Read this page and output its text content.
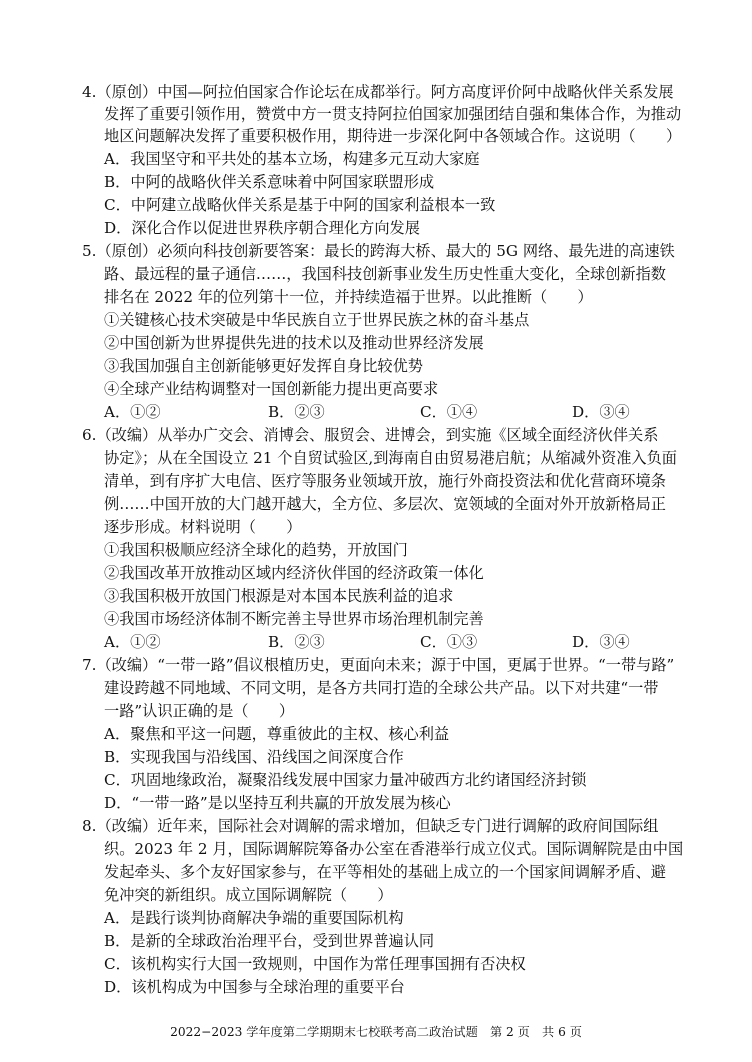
4.（原创）中国—阿拉伯国家合作论坛在成都举行。阿方高度评价阿中战略伙伴关系发展
发挥了重要引领作用，赞赏中方一贯支持阿拉伯国家加强团结自强和集体合作，为推动
地区问题解决发挥了重要积极作用，期待进一步深化阿中各领域合作。这说明（　　）
A．我国坚守和平共处的基本立场，构建多元互动大家庭
B．中阿的战略伙伴关系意味着中阿国家联盟形成
C．中阿建立战略伙伴关系是基于中阿的国家利益根本一致
D．深化合作以促进世界秩序朝合理化方向发展
5.（原创）必须向科技创新要答案：最长的跨海大桥、最大的 5G 网络、最先进的高速铁
路、最远程的量子通信……，我国科技创新事业发生历史性重大变化，全球创新指数
排名在 2022 年的位列第十一位，并持续造福于世界。以此推断（　　）
①关键核心技术突破是中华民族自立于世界民族之林的奋斗基点
②中国创新为世界提供先进的技术以及推动世界经济发展
③我国加强自主创新能够更好发挥自身比较优势
④全球产业结构调整对一国创新能力提出更高要求
A．①②	B．②③	C．①④	D．③④
6.（改编）从举办广交会、消博会、服贸会、进博会，到实施《区域全面经济伙伴关系
协定》；从在全国设立 21 个自贸试验区,到海南自由贸易港启航；从缩减外资准入负面
清单，到有序扩大电信、医疗等服务业领域开放，施行外商投资法和优化营商环境条
例……中国开放的大门越开越大，全方位、多层次、宽领域的全面对外开放新格局正
逐步形成。材料说明（　　）
①我国积极顺应经济全球化的趋势，开放国门
②我国改革开放推动区域内经济伙伴国的经济政策一体化
③我国积极开放国门根源是对本国本民族利益的追求
④我国市场经济体制不断完善主导世界市场治理机制完善
A．①②	B．②③	C．①③	D．③④
7.（改编）“一带一路”倡议根植历史，更面向未来；源于中国，更属于世界。“一带与路”
建设跨越不同地域、不同文明，是各方共同打造的全球公共产品。以下对共建“一带
一路”认识正确的是（　　）
A．聚焦和平这一问题，尊重彼此的主权、核心利益
B．实现我国与沿线国、沿线国之间深度合作
C．巩固地缘政治，凝聚沿线发展中国家力量冲破西方北约诸国经济封锁
D．“一带一路”是以坚持互利共赢的开放发展为核心
8.（改编）近年来，国际社会对调解的需求增加，但缺乏专门进行调解的政府间国际组
织。2023 年 2 月，国际调解院筹备办公室在香港举行成立仪式。国际调解院是由中国
发起牵头、多个友好国家参与，在平等相处的基础上成立的一个国家间调解矛盾、避
免冲突的新组织。成立国际调解院（　　）
A．是践行谈判协商解决争端的重要国际机构
B．是新的全球政治治理平台，受到世界普遍认同
C．该机构实行大国一致规则，中国作为常任理事国拥有否决权
D．该机构成为中国参与全球治理的重要平台
2022−2023 学年度第二学期期末七校联考高二政治试题　第 2 页　共 6 页
